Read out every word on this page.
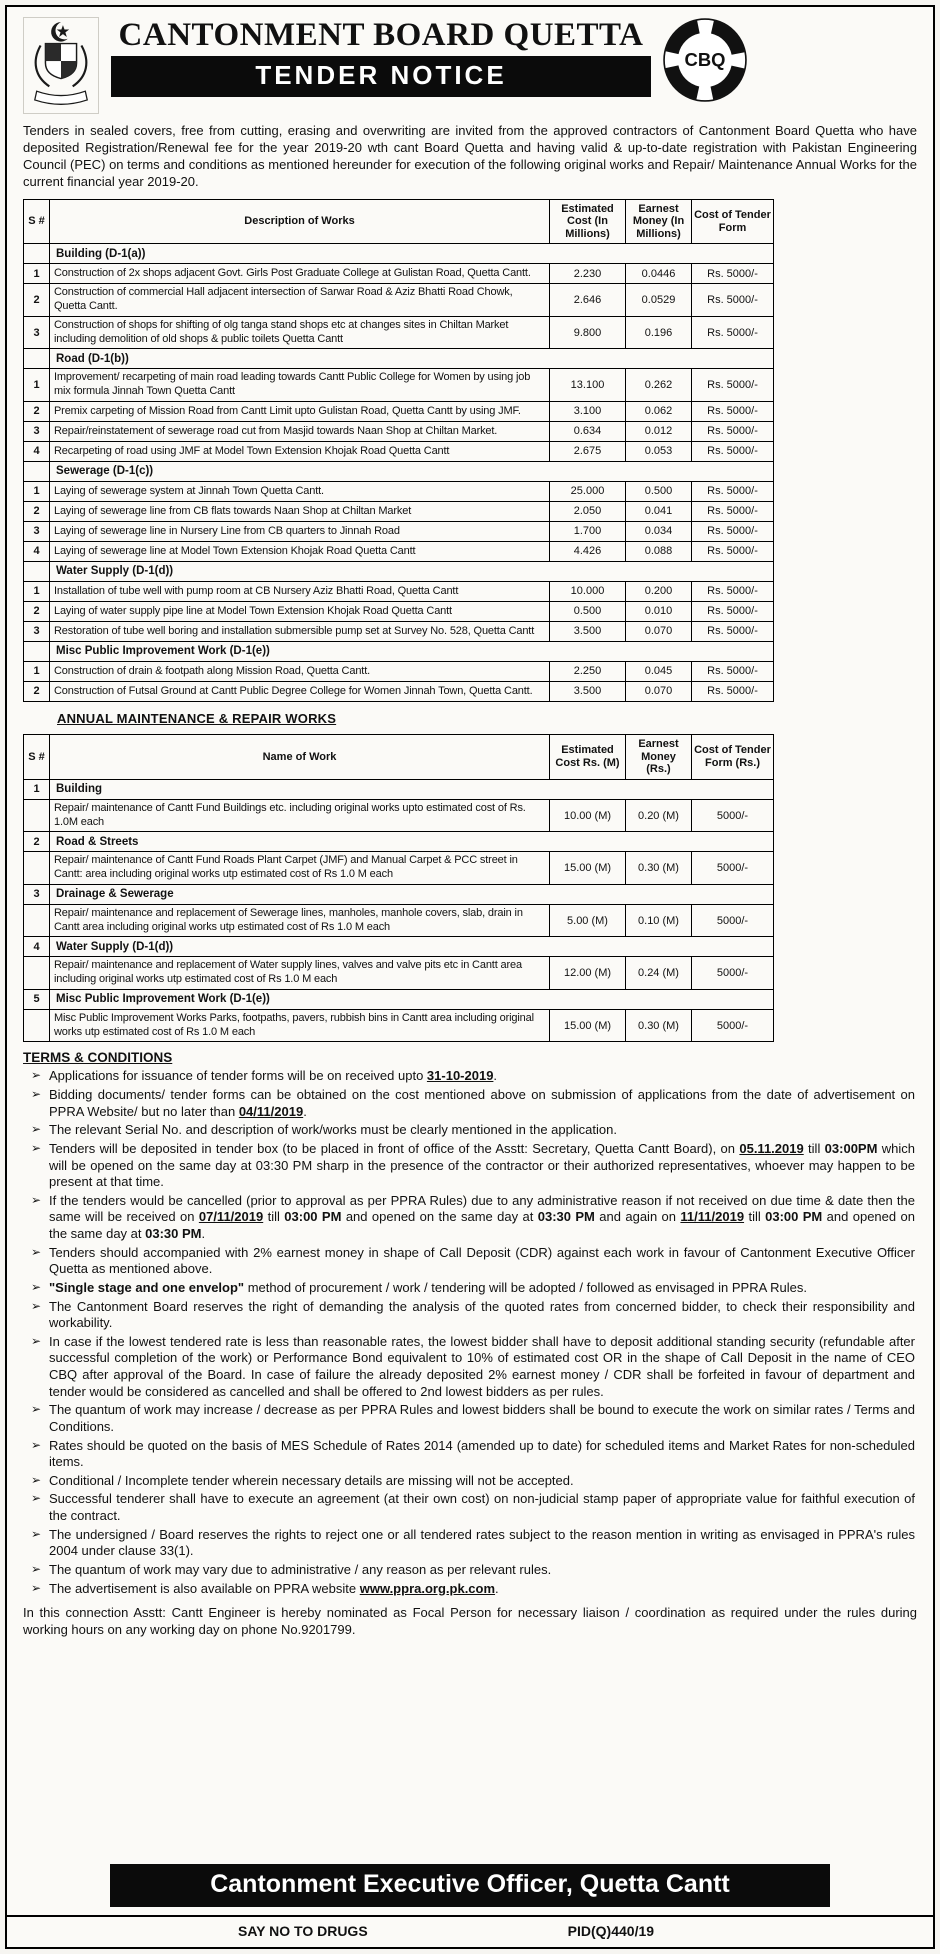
CANTONMENT BOARD QUETTA
TENDER NOTICE
CBQ

Tenders in sealed covers, free from cutting, erasing and overwriting are invited from the approved contractors of Cantonment Board Quetta who have deposited Registration/Renewal fee for the year 2019-20 wth cant Board Quetta and having valid & up-to-date registration with Pakistan Engineering Council (PEC) on terms and conditions as mentioned hereunder for execution of the following original works and Repair/ Maintenance Annual Works for the current financial year 2019-20.

S #	Description of Works	Estimated Cost (In Millions)	Earnest Money (In Millions)	Cost of Tender Form
	Building (D-1(a))			
1	Construction of 2x shops adjacent Govt. Girls Post Graduate College at Gulistan Road, Quetta Cantt.	2.230	0.0446	Rs. 5000/-
2	Construction of commercial Hall adjacent intersection of Sarwar Road & Aziz Bhatti Road Chowk, Quetta Cantt.	2.646	0.0529	Rs. 5000/-
3	Construction of shops for shifting of olg tanga stand shops etc at changes sites in Chiltan Market including demolition of old shops & public toilets Quetta Cantt	9.800	0.196	Rs. 5000/-
	Road (D-1(b))			
1	Improvement/ recarpeting of main road leading towards Cantt Public College for Women by using job mix formula Jinnah Town Quetta Cantt	13.100	0.262	Rs. 5000/-
2	Premix carpeting of Mission Road from Cantt Limit upto Gulistan Road, Quetta Cantt by using JMF.	3.100	0.062	Rs. 5000/-
3	Repair/reinstatement of sewerage road cut from Masjid towards Naan Shop at Chiltan Market.	0.634	0.012	Rs. 5000/-
4	Recarpeting of road using JMF at Model Town Extension Khojak Road Quetta Cantt	2.675	0.053	Rs. 5000/-
	Sewerage (D-1(c))			
1	Laying of sewerage system at Jinnah Town Quetta Cantt.	25.000	0.500	Rs. 5000/-
2	Laying of sewerage line from CB flats towards Naan Shop at Chiltan Market	2.050	0.041	Rs. 5000/-
3	Laying of sewerage line in Nursery Line from CB quarters to Jinnah Road	1.700	0.034	Rs. 5000/-
4	Laying of sewerage line at Model Town Extension Khojak Road Quetta Cantt	4.426	0.088	Rs. 5000/-
	Water Supply (D-1(d))			
1	Installation of tube well with pump room at CB Nursery Aziz Bhatti Road, Quetta Cantt	10.000	0.200	Rs. 5000/-
2	Laying of water supply pipe line at Model Town Extension Khojak Road Quetta Cantt	0.500	0.010	Rs. 5000/-
3	Restoration of tube well boring and installation submersible pump set at Survey No. 528, Quetta Cantt	3.500	0.070	Rs. 5000/-
	Misc Public Improvement Work (D-1(e))			
1	Construction of drain & footpath along Mission Road, Quetta Cantt.	2.250	0.045	Rs. 5000/-
2	Construction of Futsal Ground at Cantt Public Degree College for Women Jinnah Town, Quetta Cantt.	3.500	0.070	Rs. 5000/-
ANNUAL MAINTENANCE & REPAIR WORKS
S #	Name of Work	Estimated Cost Rs. (M)	Earnest Money (Rs.)	Cost of Tender Form (Rs.)
1	Building			
	Repair/ maintenance of Cantt Fund Buildings etc. including original works upto estimated cost of Rs. 1.0M each	10.00 (M)	0.20 (M)	5000/-
2	Road & Streets			
	Repair/ maintenance of Cantt Fund Roads Plant Carpet (JMF) and Manual Carpet & PCC street in Cantt: area including original works utp estimated cost of Rs 1.0 M each	15.00 (M)	0.30 (M)	5000/-
3	Drainage & Sewerage			
	Repair/ maintenance and replacement of Sewerage lines, manholes, manhole covers, slab, drain in Cantt area including original works utp estimated cost of Rs 1.0 M each	5.00 (M)	0.10 (M)	5000/-
4	Water Supply (D-1(d))			
	Repair/ maintenance and replacement of Water supply lines, valves and valve pits etc in Cantt area including original works utp estimated cost of Rs 1.0 M each	12.00 (M)	0.24 (M)	5000/-
5	Misc Public Improvement Work (D-1(e))			
	Misc Public Improvement Works Parks, footpaths, pavers, rubbish bins in Cantt area including original works utp estimated cost of Rs 1.0 M each	15.00 (M)	0.30 (M)	5000/-
TERMS & CONDITIONS
➢ Applications for issuance of tender forms will be on received upto 31-10-2019.
➢ Bidding documents/ tender forms can be obtained on the cost mentioned above on submission of applications from the date of advertisement on PPRA Website/ but no later than 04/11/2019.
➢ The relevant Serial No. and description of work/works must be clearly mentioned in the application.
➢ Tenders will be deposited in tender box (to be placed in front of office of the Asstt: Secretary, Quetta Cantt Board), on 05.11.2019 till 03:00PM which will be opened on the same day at 03:30 PM sharp in the presence of the contractor or their authorized representatives, whoever may happen to be present at that time.
➢ If the tenders would be cancelled (prior to approval as per PPRA Rules) due to any administrative reason if not received on due time & date then the same will be received on 07/11/2019 till 03:00 PM and opened on the same day at 03:30 PM and again on 11/11/2019 till 03:00 PM and opened on the same day at 03:30 PM.
➢ Tenders should accompanied with 2% earnest money in shape of Call Deposit (CDR) against each work in favour of Cantonment Executive Officer Quetta as mentioned above.
➢ "Single stage and one envelop" method of procurement / work / tendering will be adopted / followed as envisaged in PPRA Rules.
➢ The Cantonment Board reserves the right of demanding the analysis of the quoted rates from concerned bidder, to check their responsibility and workability.
➢ In case if the lowest tendered rate is less than reasonable rates, the lowest bidder shall have to deposit additional standing security (refundable after successful completion of the work) or Performance Bond equivalent to 10% of estimated cost OR in the shape of Call Deposit in the name of CEO CBQ after approval of the Board. In case of failure the already deposited 2% earnest money / CDR shall be forfeited in favour of department and tender would be considered as cancelled and shall be offered to 2nd lowest bidders as per rules.
➢ The quantum of work may increase / decrease as per PPRA Rules and lowest bidders shall be bound to execute the work on similar rates / Terms and Conditions.
➢ Rates should be quoted on the basis of MES Schedule of Rates 2014 (amended up to date) for scheduled items and Market Rates for non-scheduled items.
➢ Conditional / Incomplete tender wherein necessary details are missing will not be accepted.
➢ Successful tenderer shall have to execute an agreement (at their own cost) on non-judicial stamp paper of appropriate value for faithful execution of the contract.
➢ The undersigned / Board reserves the rights to reject one or all tendered rates subject to the reason mention in writing as envisaged in PPRA's rules 2004 under clause 33(1).
➢ The quantum of work may vary due to administrative / any reason as per relevant rules.
➢ The advertisement is also available on PPRA website www.ppra.org.pk.com.

In this connection Asstt: Cantt Engineer is hereby nominated as Focal Person for necessary liaison / coordination as required under the rules during working hours on any working day on phone No.9201799.

Cantonment Executive Officer, Quetta Cantt
SAY NO TO DRUGS	PID(Q)440/19
